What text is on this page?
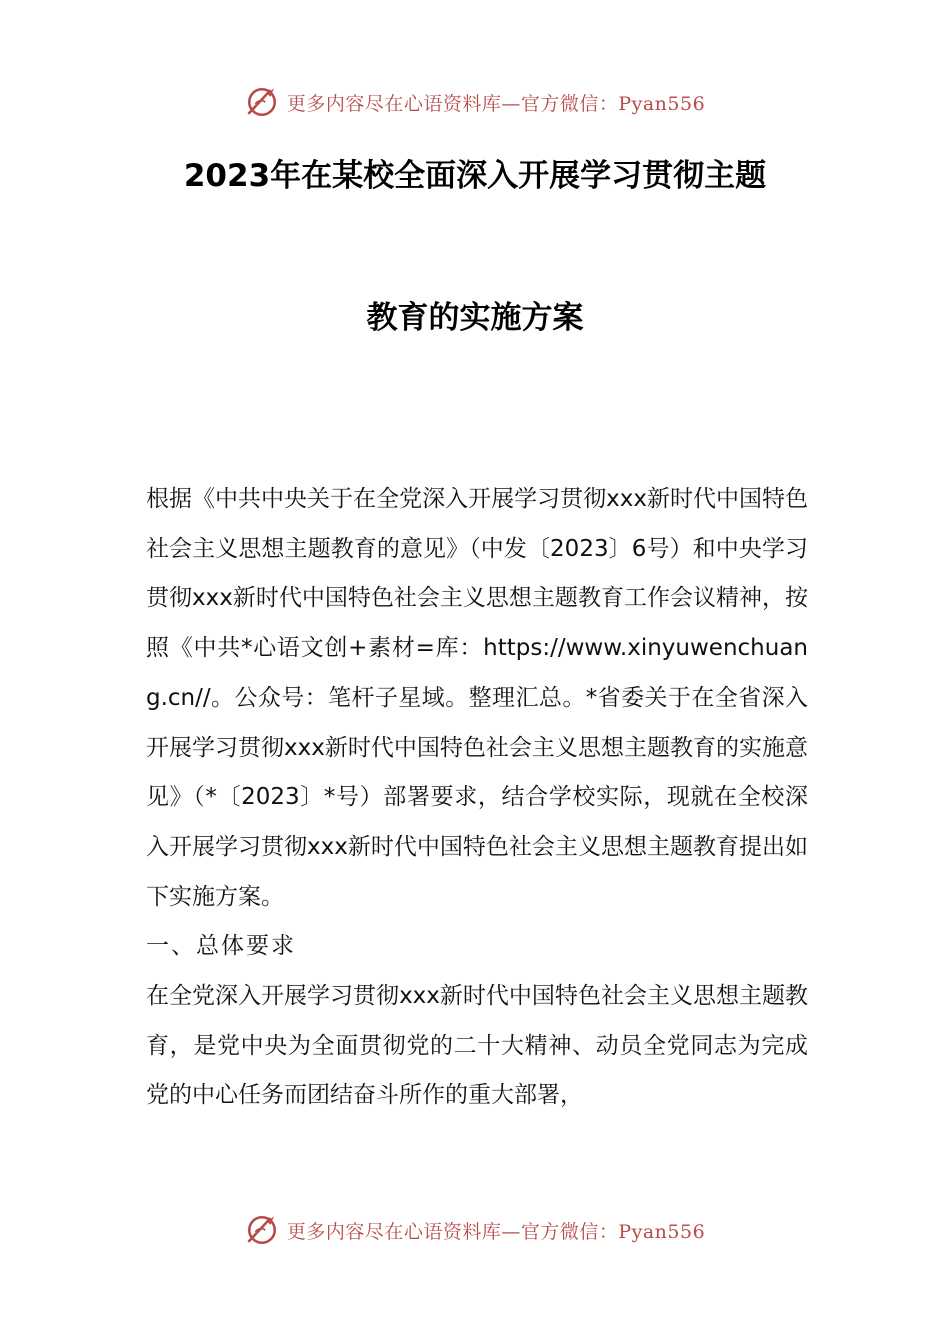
更多内容尽在心语资料库—官方微信：Pyan556
2023年在某校全面深入开展学习贯彻主题
教育的实施方案

根据《中共中央关于在全党深入开展学习贯彻xxx新时代中国特色社会主义思想主题教育的意见》（中发〔2023〕6号）和中央学习贯彻xxx新时代中国特色社会主义思想主题教育工作会议精神，按照《中共*心语文创+素材=库：https://www.xinyuwenchuang.cn//。公众号：笔杆子星域。整理汇总。*省委关于在全省深入开展学习贯彻xxx新时代中国特色社会主义思想主题教育的实施意见》（*〔2023〕*号）部署要求，结合学校实际，现就在全校深入开展学习贯彻xxx新时代中国特色社会主义思想主题教育提出如下实施方案。

一、总体要求

在全党深入开展学习贯彻xxx新时代中国特色社会主义思想主题教育，是党中央为全面贯彻党的二十大精神、动员全党同志为完成党的中心任务而团结奋斗所作的重大部署，

更多内容尽在心语资料库—官方微信：Pyan556
